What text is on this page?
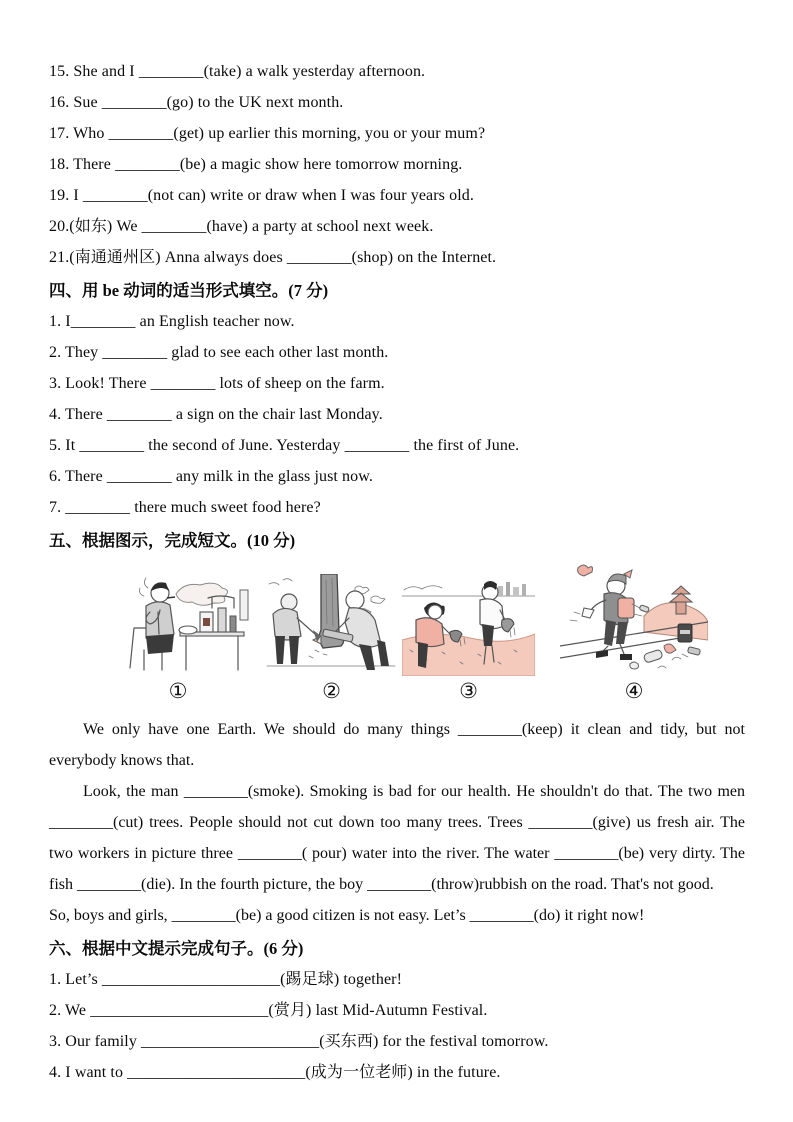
15. She and I ________(take) a walk yesterday afternoon.
16. Sue ________(go) to the UK next month.
17. Who ________(get) up earlier this morning, you or your mum?
18. There ________(be) a magic show here tomorrow morning.
19. I ________(not can) write or draw when I was four years old.
20.(如东) We ________(have) a party at school next week.
21.(南通通州区) Anna always does ________(shop) on the Internet.
四、用 be 动词的适当形式填空。(7 分)
1. I________ an English teacher now.
2. They ________ glad to see each other last month.
3. Look! There ________ lots of sheep on the farm.
4. There ________ a sign on the chair last Monday.
5. It ________ the second of June. Yesterday ________ the first of June.
6. There ________ any milk in the glass just now.
7. ________ there much sweet food here?
五、根据图示，完成短文。(10 分)
①	②	③	④

We only have one Earth. We should do many things ________(keep) it clean and tidy, but not everybody knows that.

Look, the man ________(smoke). Smoking is bad for our health. He shouldn't do that. The two men ________(cut) trees. People should not cut down too many trees. Trees ________(give) us fresh air. The two workers in picture three ________( pour) water into the river. The water ________(be) very dirty. The fish ________(die). In the fourth picture, the boy ________(throw)rubbish on the road. That's not good.

So, boys and girls, ________(be) a good citizen is not easy. Let’s ________(do) it right now!

六、根据中文提示完成句子。(6 分)
1. Let’s ______________________(踢足球) together!
2. We ______________________(赏月) last Mid-Autumn Festival.
3. Our family ______________________(买东西) for the festival tomorrow.
4. I want to ______________________(成为一位老师) in the future.
